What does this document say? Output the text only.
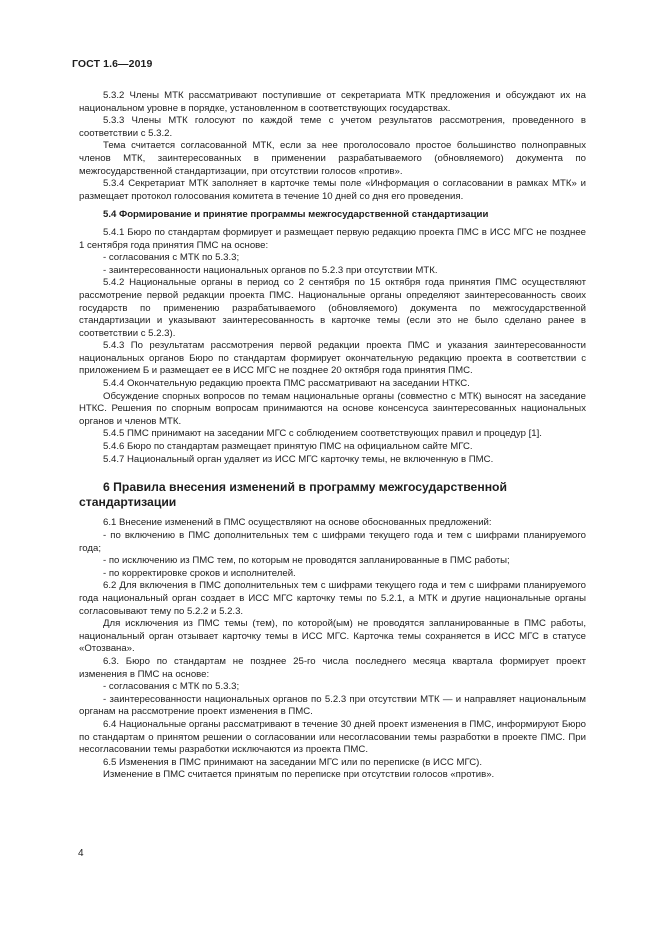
ГОСТ 1.6—2019

5.3.2 Члены МТК рассматривают поступившие от секретариата МТК предложения и обсуждают их на национальном уровне в порядке, установленном в соответствующих государствах.

5.3.3 Члены МТК голосуют по каждой теме с учетом результатов рассмотрения, проведенного в соответствии с 5.3.2.

Тема считается согласованной МТК, если за нее проголосовало простое большинство полноправных членов МТК, заинтересованных в применении разрабатываемого (обновляемого) документа по межгосударственной стандартизации, при отсутствии голосов «против».

5.3.4 Секретариат МТК заполняет в карточке темы поле «Информация о согласовании в рамках МТК» и размещает протокол голосования комитета в течение 10 дней со дня его проведения.

5.4 Формирование и принятие программы межгосударственной стандартизации

5.4.1 Бюро по стандартам формирует и размещает первую редакцию проекта ПМС в ИСС МГС не позднее 1 сентября года принятия ПМС на основе:

- согласования с МТК по 5.3.3;

- заинтересованности национальных органов по 5.2.3 при отсутствии МТК.

5.4.2 Национальные органы в период со 2 сентября по 15 октября года принятия ПМС осуществляют рассмотрение первой редакции проекта ПМС. Национальные органы определяют заинтересованность своих государств по применению разрабатываемого (обновляемого) документа по межгосударственной стандартизации и указывают заинтересованность в карточке темы (если это не было сделано ранее в соответствии с 5.2.3).

5.4.3 По результатам рассмотрения первой редакции проекта ПМС и указания заинтересованности национальных органов Бюро по стандартам формирует окончательную редакцию проекта в соответствии с приложением Б и размещает ее в ИСС МГС не позднее 20 октября года принятия ПМС.

5.4.4 Окончательную редакцию проекта ПМС рассматривают на заседании НТКС.

Обсуждение спорных вопросов по темам национальные органы (совместно с МТК) выносят на заседание НТКС. Решения по спорным вопросам принимаются на основе консенсуса заинтересованных национальных органов и членов МТК.

5.4.5 ПМС принимают на заседании МГС с соблюдением соответствующих правил и процедур [1].

5.4.6 Бюро по стандартам размещает принятую ПМС на официальном сайте МГС.

5.4.7 Национальный орган удаляет из ИСС МГС карточку темы, не включенную в ПМС.

6 Правила внесения изменений в программу межгосударственной стандартизации

6.1 Внесение изменений в ПМС осуществляют на основе обоснованных предложений:

- по включению в ПМС дополнительных тем с шифрами текущего года и тем с шифрами планируемого года;

- по исключению из ПМС тем, по которым не проводятся запланированные в ПМС работы;

- по корректировке сроков и исполнителей.

6.2 Для включения в ПМС дополнительных тем с шифрами текущего года и тем с шифрами планируемого года национальный орган создает в ИСС МГС карточку темы по 5.2.1, а МТК и другие национальные органы согласовывают тему по 5.2.2 и 5.2.3.

Для исключения из ПМС темы (тем), по которой(ым) не проводятся запланированные в ПМС работы, национальный орган отзывает карточку темы в ИСС МГС. Карточка темы сохраняется в ИСС МГС в статусе «Отозвана».

6.3. Бюро по стандартам не позднее 25-го числа последнего месяца квартала формирует проект изменения в ПМС на основе:

- согласования с МТК по 5.3.3;

- заинтересованности национальных органов по 5.2.3 при отсутствии МТК — и направляет национальным органам на рассмотрение проект изменения в ПМС.

6.4 Национальные органы рассматривают в течение 30 дней проект изменения в ПМС, информируют Бюро по стандартам о принятом решении о согласовании или несогласовании темы разработки в проекте ПМС. При несогласовании темы разработки исключаются из проекта ПМС.

6.5 Изменения в ПМС принимают на заседании МГС или по переписке (в ИСС МГС).

Изменение в ПМС считается принятым по переписке при отсутствии голосов «против».

4
